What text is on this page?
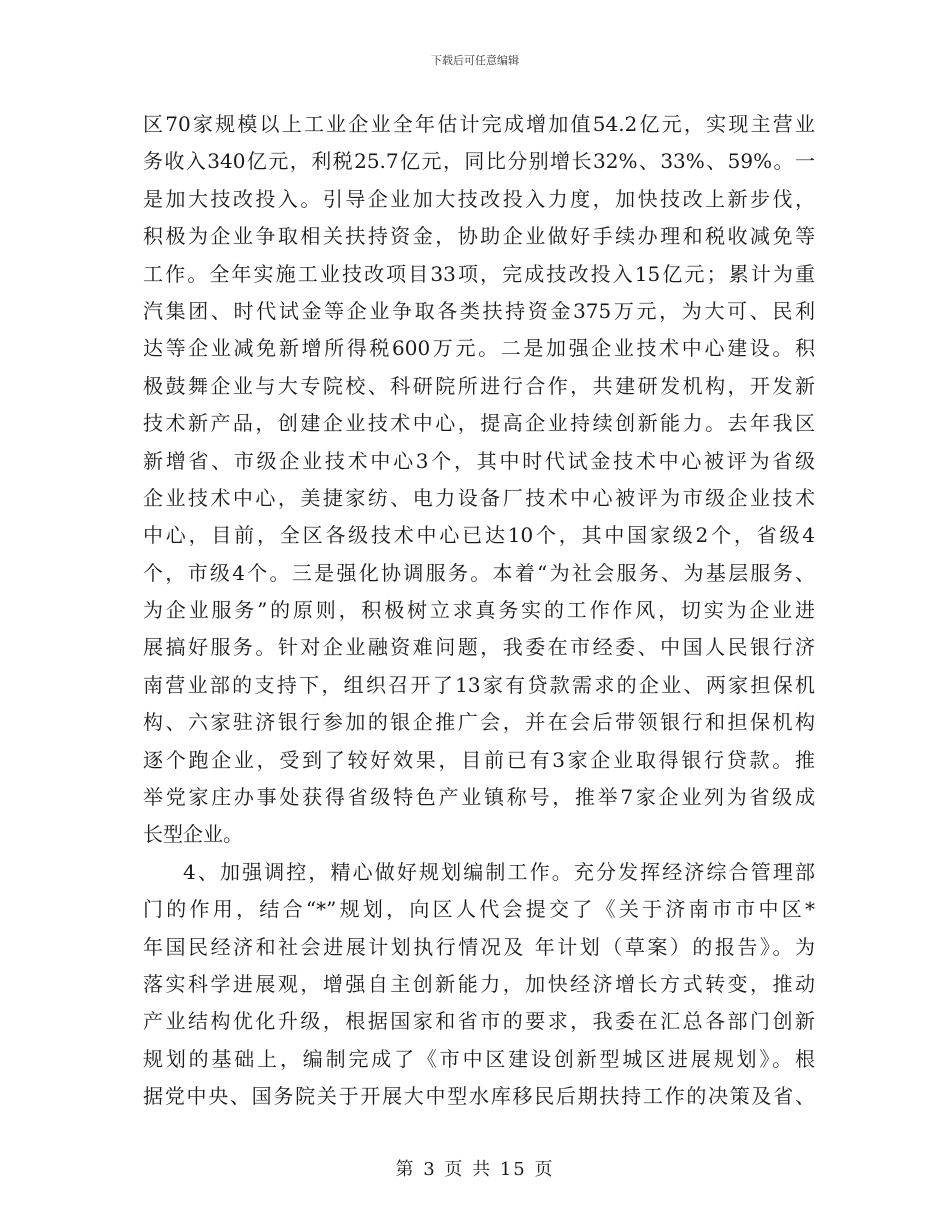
下载后可任意编辑
区70家规模以上工业企业全年估计完成增加值54.2亿元，实现主营业
务收入340亿元，利税25.7亿元，同比分别增长32%、33%、59%。一
是加大技改投入。引导企业加大技改投入力度，加快技改上新步伐，
积极为企业争取相关扶持资金，协助企业做好手续办理和税收减免等
工作。全年实施工业技改项目33项，完成技改投入15亿元；累计为重
汽集团、时代试金等企业争取各类扶持资金375万元，为大可、民利
达等企业减免新增所得税600万元。二是加强企业技术中心建设。积
极鼓舞企业与大专院校、科研院所进行合作，共建研发机构，开发新
技术新产品，创建企业技术中心，提高企业持续创新能力。去年我区
新增省、市级企业技术中心3个，其中时代试金技术中心被评为省级
企业技术中心，美捷家纺、电力设备厂技术中心被评为市级企业技术
中心，目前，全区各级技术中心已达10个，其中国家级2个，省级4
个，市级4个。三是强化协调服务。本着“为社会服务、为基层服务、
为企业服务”的原则，积极树立求真务实的工作作风，切实为企业进
展搞好服务。针对企业融资难问题，我委在市经委、中国人民银行济
南营业部的支持下，组织召开了13家有贷款需求的企业、两家担保机
构、六家驻济银行参加的银企推广会，并在会后带领银行和担保机构
逐个跑企业，受到了较好效果，目前已有3家企业取得银行贷款。推
举党家庄办事处获得省级特色产业镇称号，推举7家企业列为省级成
长型企业。
4、加强调控，精心做好规划编制工作。充分发挥经济综合管理部
门的作用，结合“*”规划，向区人代会提交了《关于济南市市中区*
年国民经济和社会进展计划执行情况及 年计划（草案）的报告》。为
落实科学进展观，增强自主创新能力，加快经济增长方式转变，推动
产业结构优化升级，根据国家和省市的要求，我委在汇总各部门创新
规划的基础上，编制完成了《市中区建设创新型城区进展规划》。根
据党中央、国务院关于开展大中型水库移民后期扶持工作的决策及省、
第 3 页 共 15 页
